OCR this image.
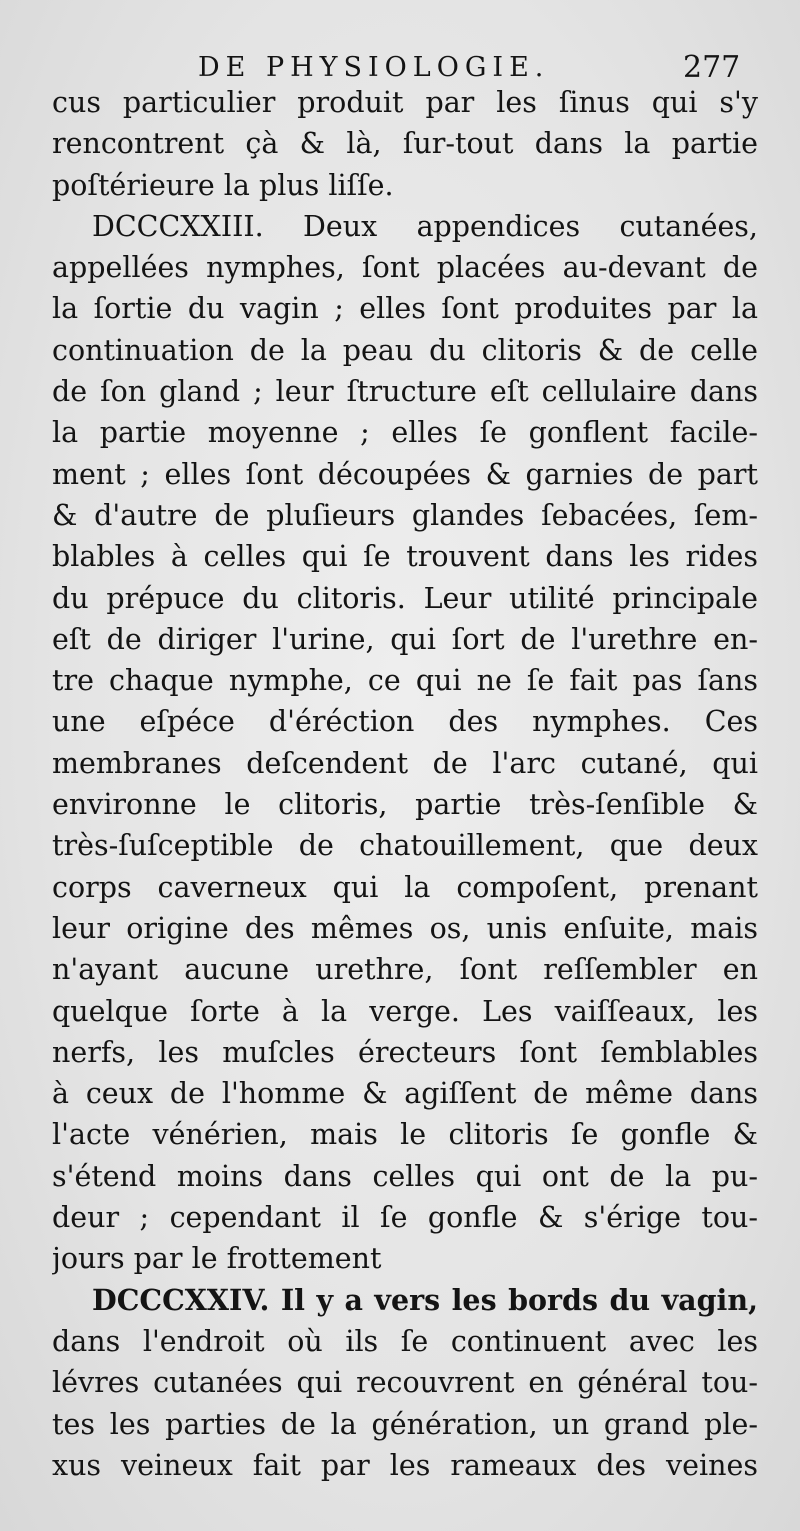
DE PHYSIOLOGIE.	277
cus particulier produit par les ſinus qui s'y
rencontrent çà & là, ſur-tout dans la partie
poſtérieure la plus liſſe.
DCCCXXIII. Deux appendices cutanées,
appellées nymphes, ſont placées au-devant de
la ſortie du vagin ; elles ſont produites par la
continuation de la peau du clitoris & de celle
de ſon gland ; leur ſtructure eſt cellulaire dans
la partie moyenne ; elles ſe gonflent facile-
ment ; elles ſont découpées & garnies de part
& d'autre de pluſieurs glandes ſebacées, ſem-
blables à celles qui ſe trouvent dans les rides
du prépuce du clitoris. Leur utilité principale
eſt de diriger l'urine, qui ſort de l'urethre en-
tre chaque nymphe, ce qui ne ſe fait pas ſans
une eſpéce d'éréction des nymphes. Ces
membranes deſcendent de l'arc cutané, qui
environne le clitoris, partie très-ſenſible &
très-ſuſceptible de chatouillement, que deux
corps caverneux qui la compoſent, prenant
leur origine des mêmes os, unis enſuite, mais
n'ayant aucune urethre, ſont reſſembler en
quelque ſorte à la verge. Les vaiſſeaux, les
nerfs, les muſcles érecteurs ſont ſemblables
à ceux de l'homme & agiſſent de même dans
l'acte vénérien, mais le clitoris ſe gonfle &
s'étend moins dans celles qui ont de la pu-
deur ; cependant il ſe gonfle & s'érige tou-
jours par le frottement
DCCCXXIV. Il y a vers les bords du vagin,
dans l'endroit où ils ſe continuent avec les
lévres cutanées qui recouvrent en général tou-
tes les parties de la génération, un grand ple-
xus veineux fait par les rameaux des veines
